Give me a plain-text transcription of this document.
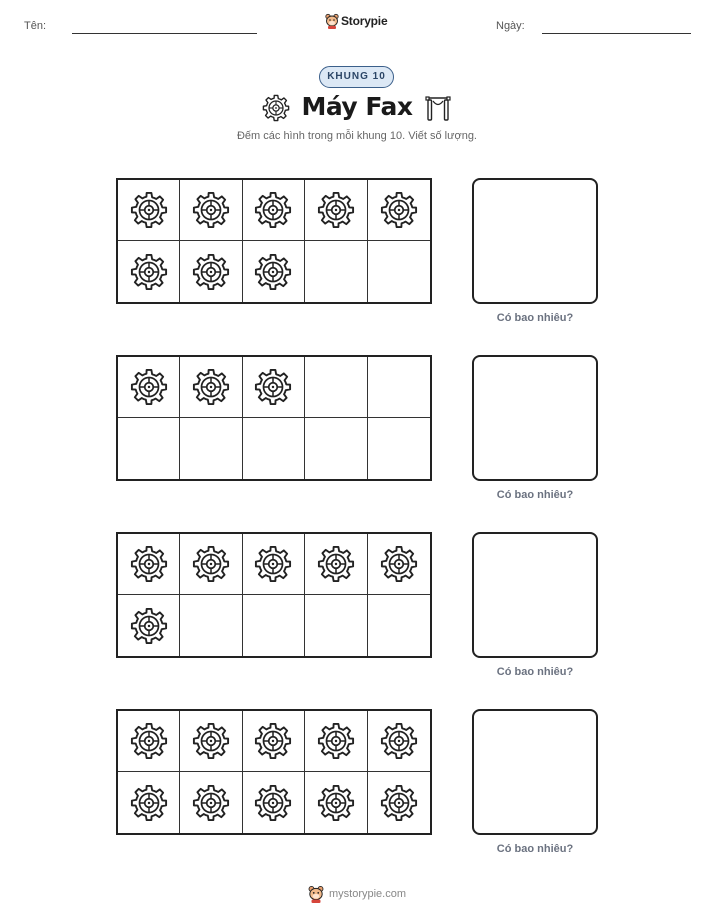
Tên:	Storypie	Ngày:
KHUNG 10
Máy Fax
Đếm các hình trong mỗi khung 10. Viết số lượng.
Có bao nhiêu?
Có bao nhiêu?
Có bao nhiêu?
Có bao nhiêu?
mystorypie.com
